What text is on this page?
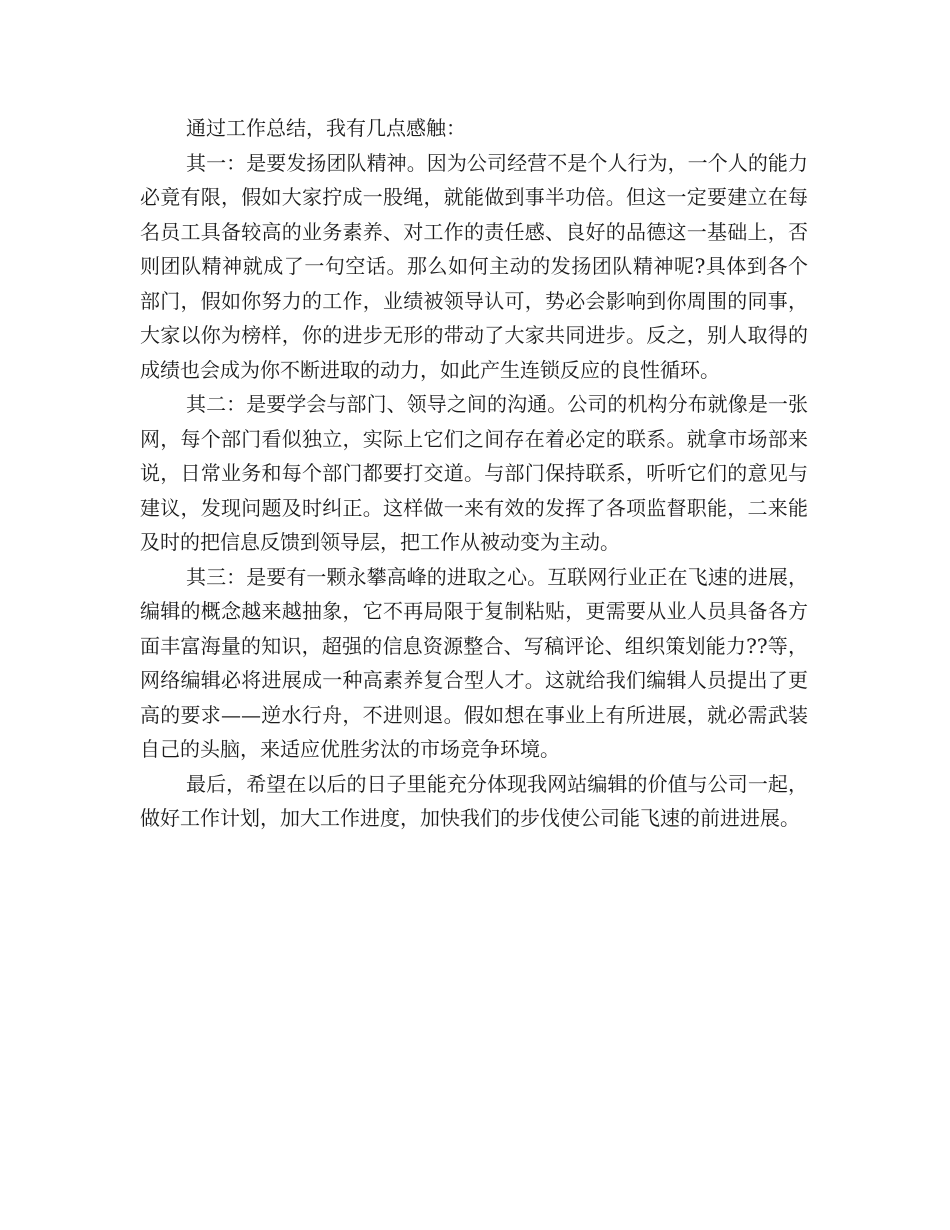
通过工作总结，我有几点感触：

其一：是要发扬团队精神。因为公司经营不是个人行为，一个人的能力必竟有限，假如大家拧成一股绳，就能做到事半功倍。但这一定要建立在每名员工具备较高的业务素养、对工作的责任感、良好的品德这一基础上，否则团队精神就成了一句空话。那么如何主动的发扬团队精神呢?具体到各个部门，假如你努力的工作，业绩被领导认可，势必会影响到你周围的同事，大家以你为榜样，你的进步无形的带动了大家共同进步。反之，别人取得的成绩也会成为你不断进取的动力，如此产生连锁反应的良性循环。

其二：是要学会与部门、领导之间的沟通。公司的机构分布就像是一张网，每个部门看似独立，实际上它们之间存在着必定的联系。就拿市场部来说，日常业务和每个部门都要打交道。与部门保持联系，听听它们的意见与建议，发现问题及时纠正。这样做一来有效的发挥了各项监督职能，二来能及时的把信息反馈到领导层，把工作从被动变为主动。

其三：是要有一颗永攀高峰的进取之心。互联网行业正在飞速的进展，编辑的概念越来越抽象，它不再局限于复制粘贴，更需要从业人员具备各方面丰富海量的知识，超强的信息资源整合、写稿评论、组织策划能力??等，网络编辑必将进展成一种高素养复合型人才。这就给我们编辑人员提出了更高的要求——逆水行舟，不进则退。假如想在事业上有所进展，就必需武装自己的头脑，来适应优胜劣汰的市场竞争环境。

最后，希望在以后的日子里能充分体现我网站编辑的价值与公司一起，做好工作计划，加大工作进度，加快我们的步伐使公司能飞速的前进进展。
